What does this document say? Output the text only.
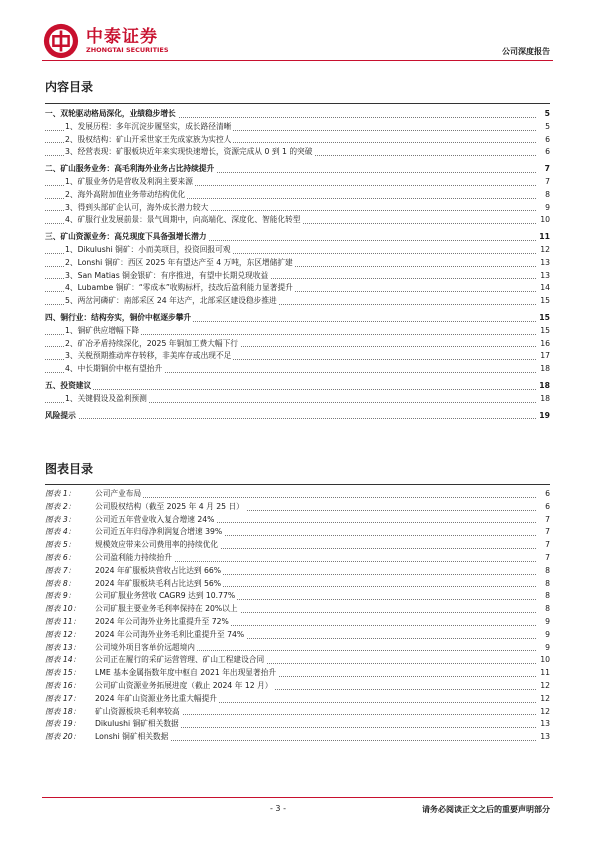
中泰证券
ZHONGTAI SECURITIES	公司深度报告
内容目录
一、双轮驱动格局深化，业绩稳步增长	5
1、发展历程：多年沉淀步履坚实，成长路径清晰	5
2、股权结构：矿山开采世家王先成家族为实控人	6
3、经营表现：矿服板块近年来实现快速增长，资源完成从 0 到 1 的突破	6
二、矿山服务业务：高毛利海外业务占比持续提升	7
1、矿服业务仍是营收及利润主要来源	7
2、海外高附加值业务带动结构优化	8
3、得到头部矿企认可，海外成长潜力较大	9
4、矿服行业发展前景：景气周期中，向高端化、深度化、智能化转型	10
三、矿山资源业务：高兑现度下具备强增长潜力	11
1、Dikulushi 铜矿：小而美项目，投资回报可观	12
2、Lonshi 铜矿：西区 2025 年有望达产至 4 万吨，东区增储扩建	13
3、San Matias 铜金银矿：有序推进，有望中长期兑现收益	13
4、Lubambe 铜矿：“零成本”收购标杆，技改后盈利能力显著提升	14
5、两岔河磷矿：南部采区 24 年达产，北部采区建设稳步推进	15
四、铜行业：结构夯实，铜价中枢逐步攀升	15
1、铜矿供应增幅下降	15
2、矿冶矛盾持续深化，2025 年铜加工费大幅下行	16
3、关税预期推动库存转移，非美库存或出现不足	17
4、中长期铜价中枢有望抬升	18
五、投资建议	18
1、关键假设及盈利预测	18
风险提示	19
图表目录
图表 1：	公司产业布局	6
图表 2：	公司股权结构（截至 2025 年 4 月 25 日）	6
图表 3：	公司近五年营业收入复合增速 24%	7
图表 4：	公司近五年归母净利润复合增速 39%	7
图表 5：	规模效应带来公司费用率的持续优化	7
图表 6：	公司盈利能力持续抬升	7
图表 7：	2024 年矿服板块营收占比达到 66%	8
图表 8：	2024 年矿服板块毛利占比达到 56%	8
图表 9：	公司矿服业务营收 CAGR9 达到 10.77%	8
图表 10： 公司矿服主要业务毛利率保持在 20%以上	8
图表 11： 2024 年公司海外业务比重提升至 72%	9
图表 12： 2024 年公司海外业务毛利比重提升至 74%	9
图表 13： 公司境外项目客单价远超境内	9
图表 14： 公司正在履行的采矿运营管理、矿山工程建设合同	10
图表 15： LME 基本金属指数年度中枢自 2021 年出现显著抬升	11
图表 16： 公司矿山资源业务拓展进度（截止 2024 年 12 月）	12
图表 17： 2024 年矿山资源业务比重大幅提升	12
图表 18： 矿山资源板块毛利率较高	12
图表 19： Dikulushi 铜矿相关数据	13
图表 20： Lonshi 铜矿相关数据	13
- 3 -	请务必阅读正文之后的重要声明部分
